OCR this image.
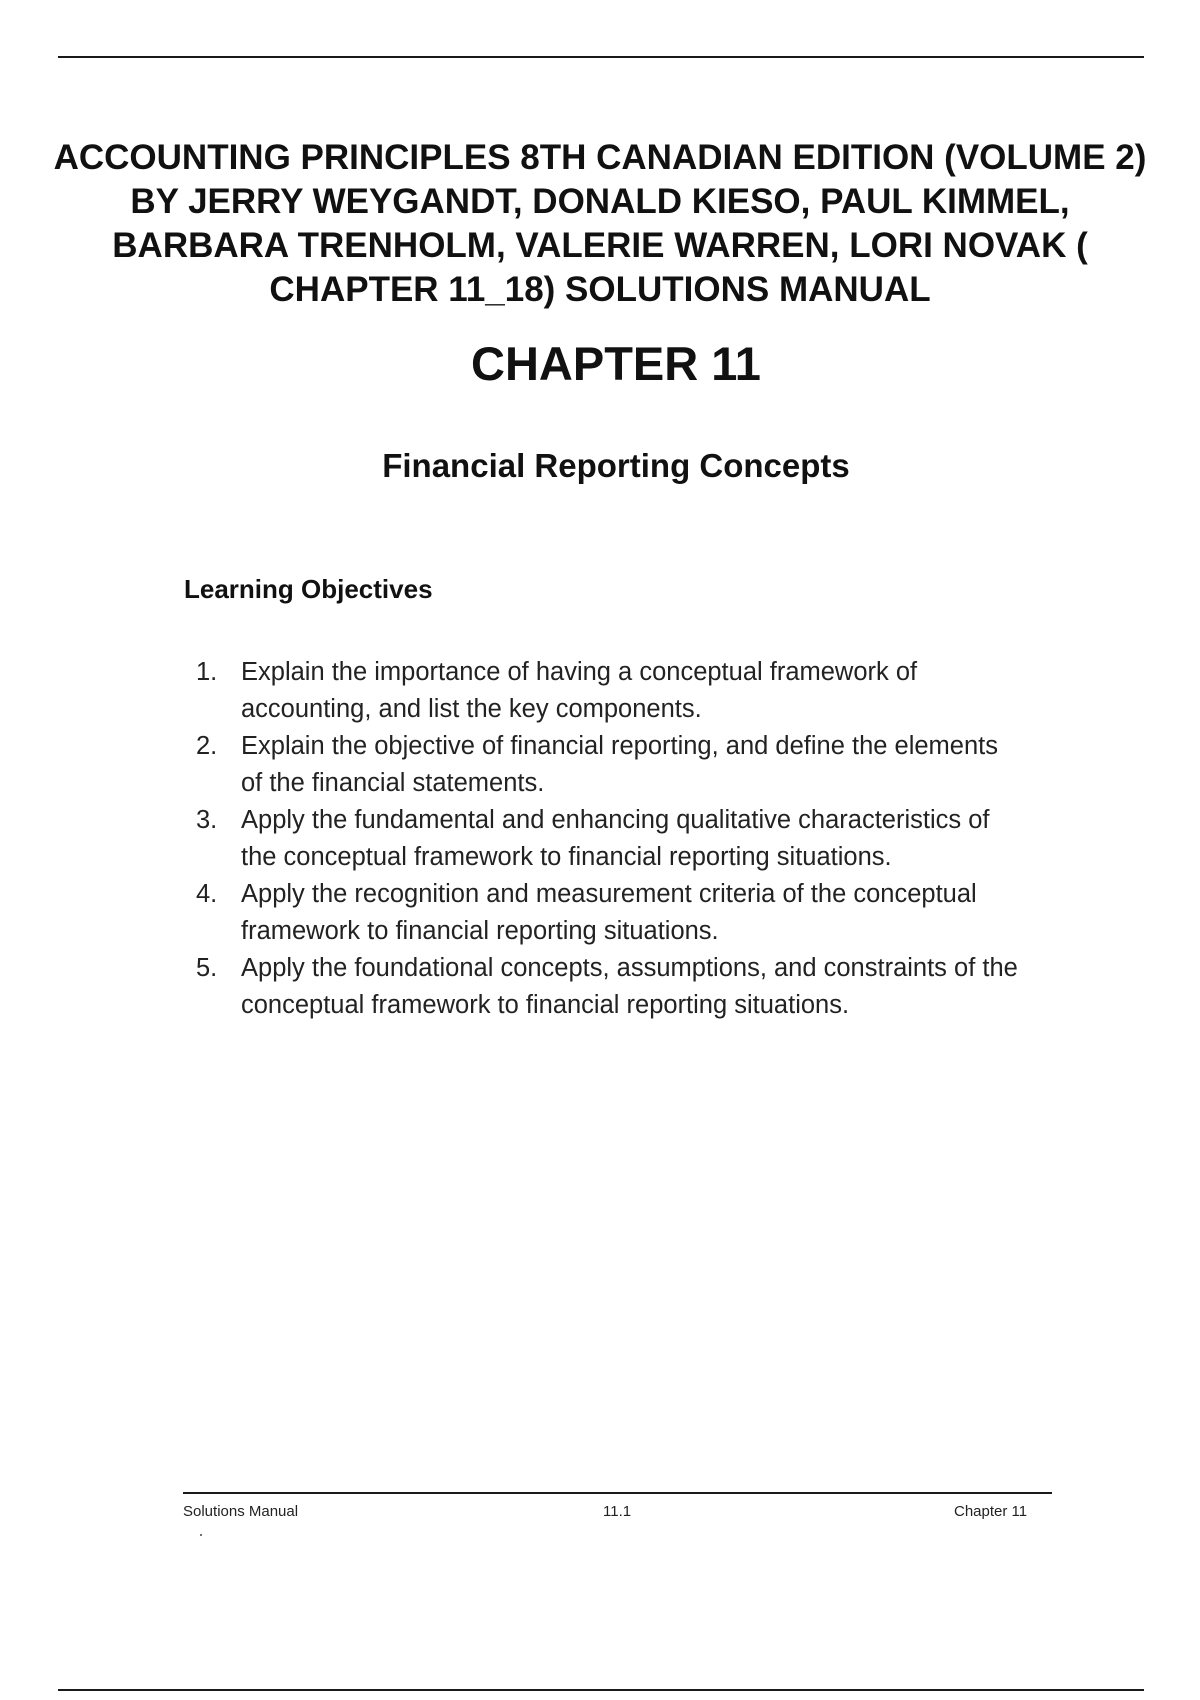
ACCOUNTING PRINCIPLES 8TH CANADIAN EDITION (VOLUME 2) BY JERRY WEYGANDT, DONALD KIESO, PAUL KIMMEL, BARBARA TRENHOLM, VALERIE WARREN, LORI NOVAK ( CHAPTER 11_18) SOLUTIONS MANUAL
CHAPTER 11
Financial Reporting Concepts
Learning Objectives
1. Explain the importance of having a conceptual framework of accounting, and list the key components.
2. Explain the objective of financial reporting, and define the elements of the financial statements.
3. Apply the fundamental and enhancing qualitative characteristics of the conceptual framework to financial reporting situations.
4. Apply the recognition and measurement criteria of the conceptual framework to financial reporting situations.
5. Apply the foundational concepts, assumptions, and constraints of the conceptual framework to financial reporting situations.
Solutions Manual	11.1	Chapter 11
